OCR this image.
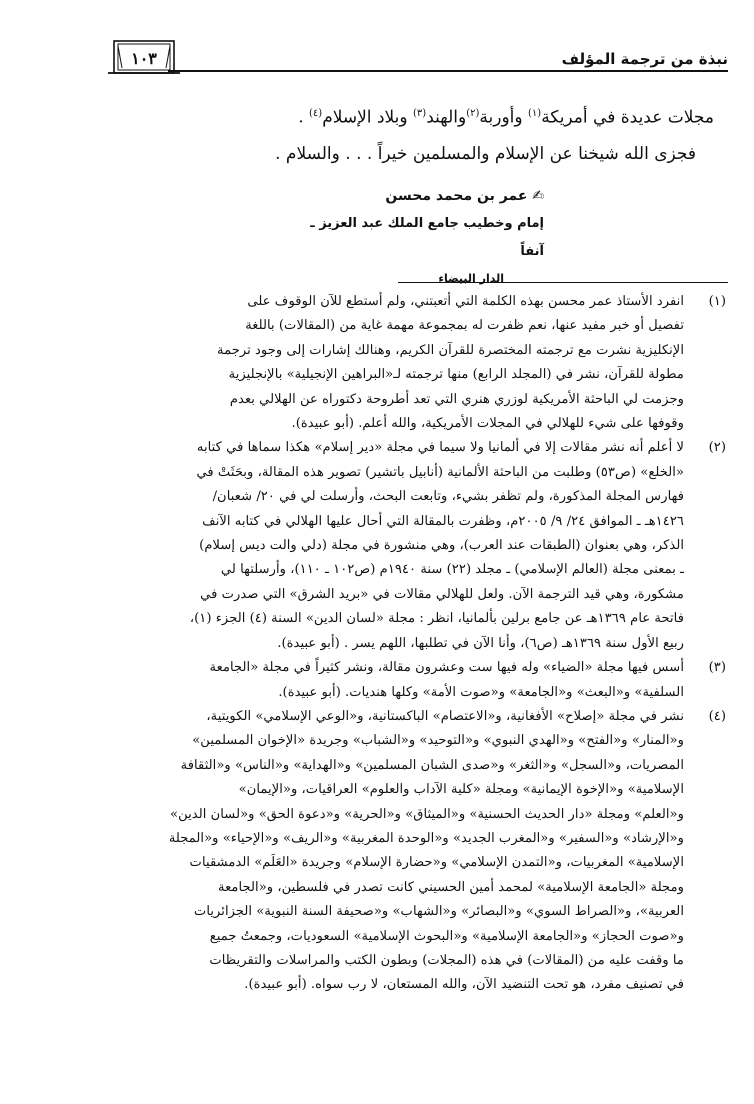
نبذة من ترجمة المؤلف
١٠٣

مجلات عديدة في أمريكة$^{(١)}$ وأوربة$^{(٢)}$والهند$^{(٣)}$ وبلاد الإسلام$^{(٤)}$ .

فجزى الله شيخنا عن الإسلام والمسلمين خيراً . . . والسلام .

✍ عمر بن محمد محسن
إمام وخطيب جامع الملك عبد العزيز ـ آنفاً
الدار البيضاء
(١)
انفرد الأستاذ عمر محسن بهذه الكلمة التي أتعبتني، ولم أستطع للآن الوقوف على
تفصيل أو خبر مفيد عنها، نعم ظفرت له بمجموعة مهمة غاية من (المقالات) باللغة
الإنكليزية نشرت مع ترجمته المختصرة للقرآن الكريم، وهنالك إشارات إلى وجود ترجمة
مطولة للقرآن، نشر في (المجلد الرابع) منها ترجمته لـ«البراهين الإنجيلية» بالإنجليزية
وجزمت لي الباحثة الأمريكية لوزري هنري التي تعد أطروحة دكتوراه عن الهلالي بعدم
وقوفها على شيء للهلالي في المجلات الأمريكية، والله أعلم. (أبو عبيدة).
(٢)
لا أعلم أنه نشر مقالات إلا في ألمانيا ولا سيما في مجلة «دير إسلام» هكذا سماها في كتابه
«الخلع» (ص٥٣) وطلبت من الباحثة الألمانية (أنابيل باتشير) تصوير هذه المقالة، وبحَثَتْ في
فهارس المجلة المذكورة، ولم تظفر بشيء، وتابعت البحث، وأرسلت لي في ٢٠/ شعبان/
١٤٢٦هـ ـ الموافق ٢٤/ ٩/ ٢٠٠٥م، وظفرت بالمقالة التي أحال عليها الهلالي في كتابه الآنف
الذكر، وهي بعنوان (الطبقات عند العرب)، وهي منشورة في مجلة (دلي والت ديس إسلام)
ـ بمعنى مجلة (العالم الإسلامي) ـ مجلد (٢٢) سنة ١٩٤٠م (ص١٠٢ ـ ١١٠)، وأرسلتها لي
مشكورة، وهي قيد الترجمة الآن. ولعل للهلالي مقالات في «بريد الشرق» التي صدرت في
فاتحة عام ١٣٦٩هـ عن جامع برلين بألمانيا، انظر : مجلة «لسان الدين» السنة (٤) الجزء (١)،
ربيع الأول سنة ١٣٦٩هـ (ص٦)، وأنا الآن في تطلبها، اللهم يسر . (أبو عبيدة).
(٣)
أسس فيها مجلة «الضياء» وله فيها ست وعشرون مقالة، ونشر كثيراً في مجلة «الجامعة
السلفية» و«البعث» و«الجامعة» و«صوت الأمة» وكلها هنديات. (أبو عبيدة).
(٤)
نشر في مجلة «إصلاح» الأفغانية، و«الاعتصام» الباكستانية، و«الوعي الإسلامي» الكويتية،
و«المنار» و«الفتح» و«الهدي النبوي» و«التوحيد» و«الشباب» وجريدة «الإخوان المسلمين»
المصريات، و«السجل» و«الثغر» و«صدى الشبان المسلمين» و«الهداية» و«الناس» و«الثقافة
الإسلامية» و«الإخوة الإيمانية» ومجلة «كلية الآداب والعلوم» العراقيات، و«الإيمان»
و«العلم» ومجلة «دار الحديث الحسنية» و«الميثاق» و«الحرية» و«دعوة الحق» و«لسان الدين»
و«الإرشاد» و«السفير» و«المغرب الجديد» و«الوحدة المغربية» و«الريف» و«الإحياء» و«المجلة
الإسلامية» المغربيات، و«التمدن الإسلامي» و«حضارة الإسلام» وجريدة «العَلَم» الدمشقيات
ومجلة «الجامعة الإسلامية» لمحمد أمين الحسيني كانت تصدر في فلسطين، و«الجامعة
العربية»، و«الصراط السوي» و«البصائر» و«الشهاب» و«صحيفة السنة النبوية» الجزائريات
و«صوت الحجاز» و«الجامعة الإسلامية» و«البحوث الإسلامية» السعوديات، وجمعتُ جميع
ما وقفت عليه من (المقالات) في هذه (المجلات) وبطون الكتب والمراسلات والتقريظات
في تصنيف مفرد، هو تحت التنضيد الآن، والله المستعان، لا رب سواه. (أبو عبيدة).
